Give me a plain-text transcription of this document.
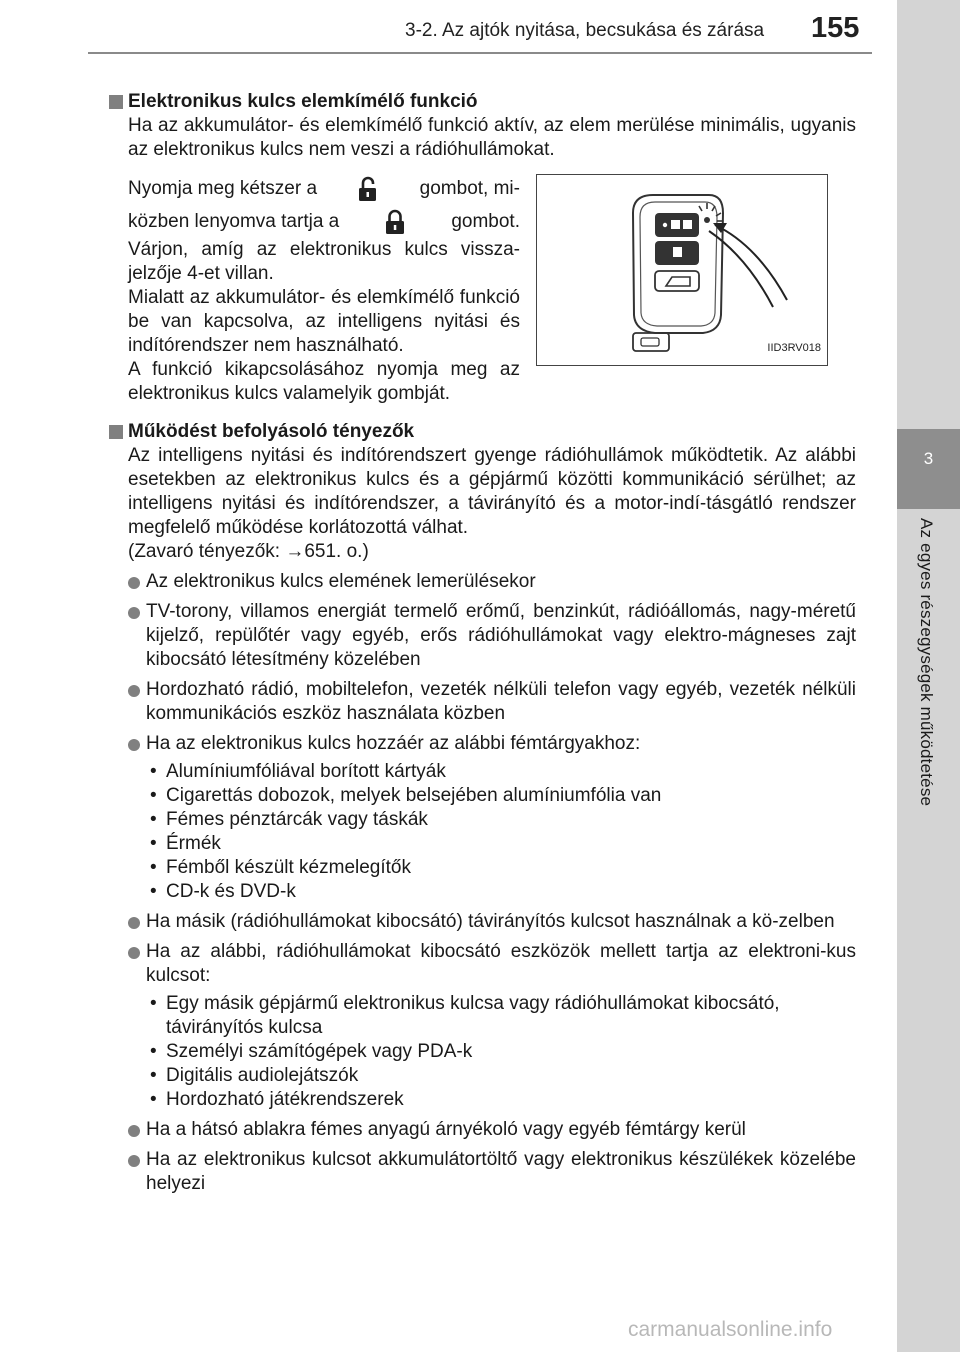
3-2. Az ajtók nyitása, becsukása és zárása 155
3
Az egyes részegységek működtetése
Elektronikus kulcs elemkímélő funkció

Ha az akkumulátor- és elemkímélő funkció aktív, az elem merülése minimális, ugyanis az elektronikus kulcs nem veszi a rádióhullámokat.

Nyomja meg kétszer a	gombot, mi-
közben lenyomva tartja a	gombot.

Várjon, amíg az elektronikus kulcs vissza-jelzője 4-et villan.
Mialatt az akkumulátor- és elemkímélő funkció be van kapcsolva, az intelligens nyitási és indítórendszer nem használható.
A funkció kikapcsolásához nyomja meg az elektronikus kulcs valamelyik gombját.

IID3RV018
Működést befolyásoló tényezők

Az intelligens nyitási és indítórendszert gyenge rádióhullámok működtetik. Az alábbi esetekben az elektronikus kulcs és a gépjármű közötti kommunikáció sérülhet; az intelligens nyitási és indítórendszer, a távirányító és a motor-indí-tásgátló rendszer megfelelő működése korlátozottá válhat.

(Zavaró tényezők: →651. o.)

Az elektronikus kulcs elemének lemerülésekor
TV-torony, villamos energiát termelő erőmű, benzinkút, rádióállomás, nagy-méretű kijelző, repülőtér vagy egyéb, erős rádióhullámokat vagy elektro-mágneses zajt kibocsátó létesítmény közelében
Hordozható rádió, mobiltelefon, vezeték nélküli telefon vagy egyéb, vezeték nélküli kommunikációs eszköz használata közben
Ha az elektronikus kulcs hozzáér az alábbi fémtárgyakhoz:
• Alumíniumfóliával borított kártyák
• Cigarettás dobozok, melyek belsejében alumíniumfólia van
• Fémes pénztárcák vagy táskák
• Érmék
• Fémből készült kézmelegítők
• CD-k és DVD-k
Ha másik (rádióhullámokat kibocsátó) távirányítós kulcsot használnak a kö-zelben
Ha az alábbi, rádióhullámokat kibocsátó eszközök mellett tartja az elektroni-kus kulcsot:
• Egy másik gépjármű elektronikus kulcsa vagy rádióhullámokat kibocsátó, távirányítós kulcsa
• Személyi számítógépek vagy PDA-k
• Digitális audiolejátszók
• Hordozható játékrendszerek
Ha a hátsó ablakra fémes anyagú árnyékoló vagy egyéb fémtárgy kerül
Ha az elektronikus kulcsot akkumulátortöltő vagy elektronikus készülékek közelébe helyezi
carmanualsonline.info
